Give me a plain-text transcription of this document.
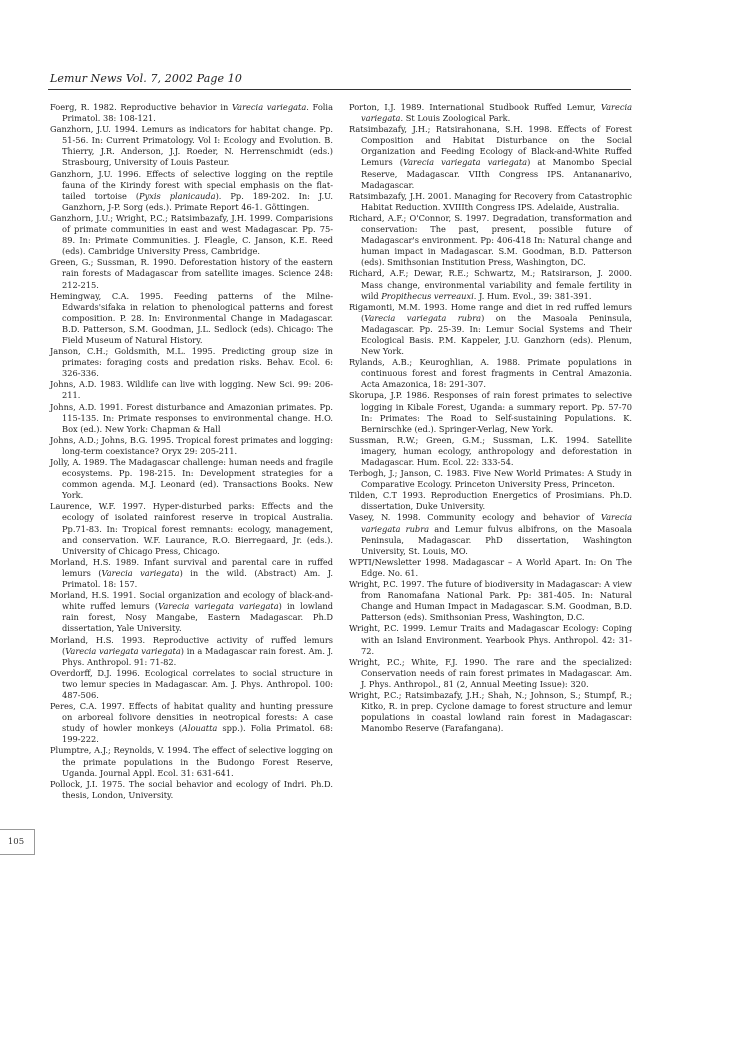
Lemur News Vol. 7, 2002 Page 10
Foerg, R. 1982. Reproductive behavior in Varecia variegata. Folia Primatol. 38: 108-121.
Ganzhorn, J.U. 1994. Lemurs as indicators for habitat change. Pp. 51-56. In: Current Primatology. Vol I: Ecology and Evolution. B. Thierry, J.R. Anderson, J.J. Roeder, N. Herrenschmidt (eds.) Strasbourg, University of Louis Pasteur.
Ganzhorn, J.U. 1996. Effects of selective logging on the reptile fauna of the Kirindy forest with special emphasis on the flat-tailed tortoise (Pyxis planicauda). Pp. 189-202. In: J.U. Ganzhorn, J-P. Sorg (eds.). Primate Report 46-1. Göttingen.
Ganzhorn, J.U.; Wright, P.C.; Ratsimbazafy, J.H. 1999. Comparisions of primate communities in east and west Madagascar. Pp. 75-89. In: Primate Communities. J. Fleagle, C. Janson, K.E. Reed (eds). Cambridge University Press, Cambridge.
Green, G.; Sussman, R. 1990. Deforestation history of the eastern rain forests of Madagascar from satellite images. Science 248: 212-215.
Hemingway, C.A. 1995. Feeding patterns of the Milne-Edwards'sifaka in relation to phenological patterns and forest composition. P. 28. In: Environmental Change in Madagascar. B.D. Patterson, S.M. Goodman, J.L. Sedlock (eds). Chicago: The Field Museum of Natural History.
Janson, C.H.; Goldsmith, M.L. 1995. Predicting group size in primates: foraging costs and predation risks. Behav. Ecol. 6: 326-336.
Johns, A.D. 1983. Wildlife can live with logging. New Sci. 99: 206-211.
Johns, A.D. 1991. Forest disturbance and Amazonian primates. Pp. 115-135. In: Primate responses to environmental change. H.O. Box (ed.). New York: Chapman & Hall
Johns, A.D.; Johns, B.G. 1995. Tropical forest primates and logging: long-term coexistance? Oryx 29: 205-211.
Jolly, A. 1989. The Madagascar challenge: human needs and fragile ecosystems. Pp. 198-215. In: Development strategies for a common agenda. M.J. Leonard (ed). Transactions Books. New York.
Laurence, W.F. 1997. Hyper-disturbed parks: Effects and the ecology of isolated rainforest reserve in tropical Australia. Pp.71-83. In: Tropical forest remnants: ecology, management, and conservation. W.F. Laurance, R.O. Bierregaard, Jr. (eds.). University of Chicago Press, Chicago.
Morland, H.S. 1989. Infant survival and parental care in ruffed lemurs (Varecia variegata) in the wild. (Abstract) Am. J. Primatol. 18: 157.
Morland, H.S. 1991. Social organization and ecology of black-and-white ruffed lemurs (Varecia variegata variegata) in lowland rain forest, Nosy Mangabe, Eastern Madagascar. Ph.D dissertation, Yale University.
Morland, H.S. 1993. Reproductive activity of ruffed lemurs (Varecia variegata variegata) in a Madagascar rain forest. Am. J. Phys. Anthropol. 91: 71-82.
Overdorff, D.J. 1996. Ecological correlates to social structure in two lemur species in Madagascar. Am. J. Phys. Anthropol. 100: 487-506.
Peres, C.A. 1997. Effects of habitat quality and hunting pressure on arboreal folivore densities in neotropical forests: A case study of howler monkeys (Alouatta spp.). Folia Primatol. 68: 199-222.
Plumptre, A.J.; Reynolds, V. 1994. The effect of selective logging on the primate populations in the Budongo Forest Reserve, Uganda. Journal Appl. Ecol. 31: 631-641.
Pollock, J.I. 1975. The social behavior and ecology of Indri. Ph.D. thesis, London, University.
Porton, I.J. 1989. International Studbook Ruffed Lemur, Varecia variegata. St Louis Zoological Park.
Ratsimbazafy, J.H.; Ratsirahonana, S.H. 1998. Effects of Forest Composition and Habitat Disturbance on the Social Organization and Feeding Ecology of Black-and-White Ruffed Lemurs (Varecia variegata variegata) at Manombo Special Reserve, Madagascar. VIIth Congress IPS. Antananarivo, Madagascar.
Ratsimbazafy, J.H. 2001. Managing for Recovery from Catastrophic Habitat Reduction. XVIIIth Congress IPS. Adelaide, Australia.
Richard, A.F.; O'Connor, S. 1997. Degradation, transformation and conservation: The past, present, possible future of Madagascar's environment. Pp: 406-418 In: Natural change and human impact in Madagascar. S.M. Goodman, B.D. Patterson (eds). Smithsonian Institution Press, Washington, DC.
Richard, A.F.; Dewar, R.E.; Schwartz, M.; Ratsirarson, J. 2000. Mass change, environmental variability and female fertility in wild Propithecus verreauxi. J. Hum. Evol., 39: 381-391.
Rigamonti, M.M. 1993. Home range and diet in red ruffed lemurs (Varecia variegata rubra) on the Masoala Peninsula, Madagascar. Pp. 25-39. In: Lemur Social Systems and Their Ecological Basis. P.M. Kappeler, J.U. Ganzhorn (eds). Plenum, New York.
Rylands, A.B.; Keuroghlian, A. 1988. Primate populations in continuous forest and forest fragments in Central Amazonia. Acta Amazonica, 18: 291-307.
Skorupa, J.P. 1986. Responses of rain forest primates to selective logging in Kibale Forest, Uganda: a summary report. Pp. 57-70 In: Primates: The Road to Self-sustaining Populations. K. Bernirschke (ed.). Springer-Verlag, New York.
Sussman, R.W.; Green, G.M.; Sussman, L.K. 1994. Satellite imagery, human ecology, anthropology and deforestation in Madagascar. Hum. Ecol. 22: 333-54.
Terbogh, J.; Janson, C. 1983. Five New World Primates: A Study in Comparative Ecology. Princeton University Press, Princeton.
Tilden, C.T 1993. Reproduction Energetics of Prosimians. Ph.D. dissertation, Duke University.
Vasey, N. 1998. Community ecology and behavior of Varecia variegata rubra and Lemur fulvus albifrons, on the Masoala Peninsula, Madagascar. PhD dissertation, Washington University, St. Louis, MO.
WPTI/Newsletter 1998. Madagascar – A World Apart. In: On The Edge. No. 61.
Wright, P.C. 1997. The future of biodiversity in Madagascar: A view from Ranomafana National Park. Pp: 381-405. In: Natural Change and Human Impact in Madagascar. S.M. Goodman, B.D. Patterson (eds). Smithsonian Press, Washington, D.C.
Wright, P.C. 1999. Lemur Traits and Madagascar Ecology: Coping with an Island Environment. Yearbook Phys. Anthropol. 42: 31-72.
Wright, P.C.; White, F.J. 1990. The rare and the specialized: Conservation needs of rain forest primates in Madagascar. Am. J. Phys. Anthropol., 81 (2, Annual Meeting Issue): 320.
Wright, P.C.; Ratsimbazafy, J.H.; Shah, N.; Johnson, S.; Stumpf, R.; Kitko, R. in prep. Cyclone damage to forest structure and lemur populations in coastal lowland rain forest in Madagascar: Manombo Reserve (Farafangana).
105
